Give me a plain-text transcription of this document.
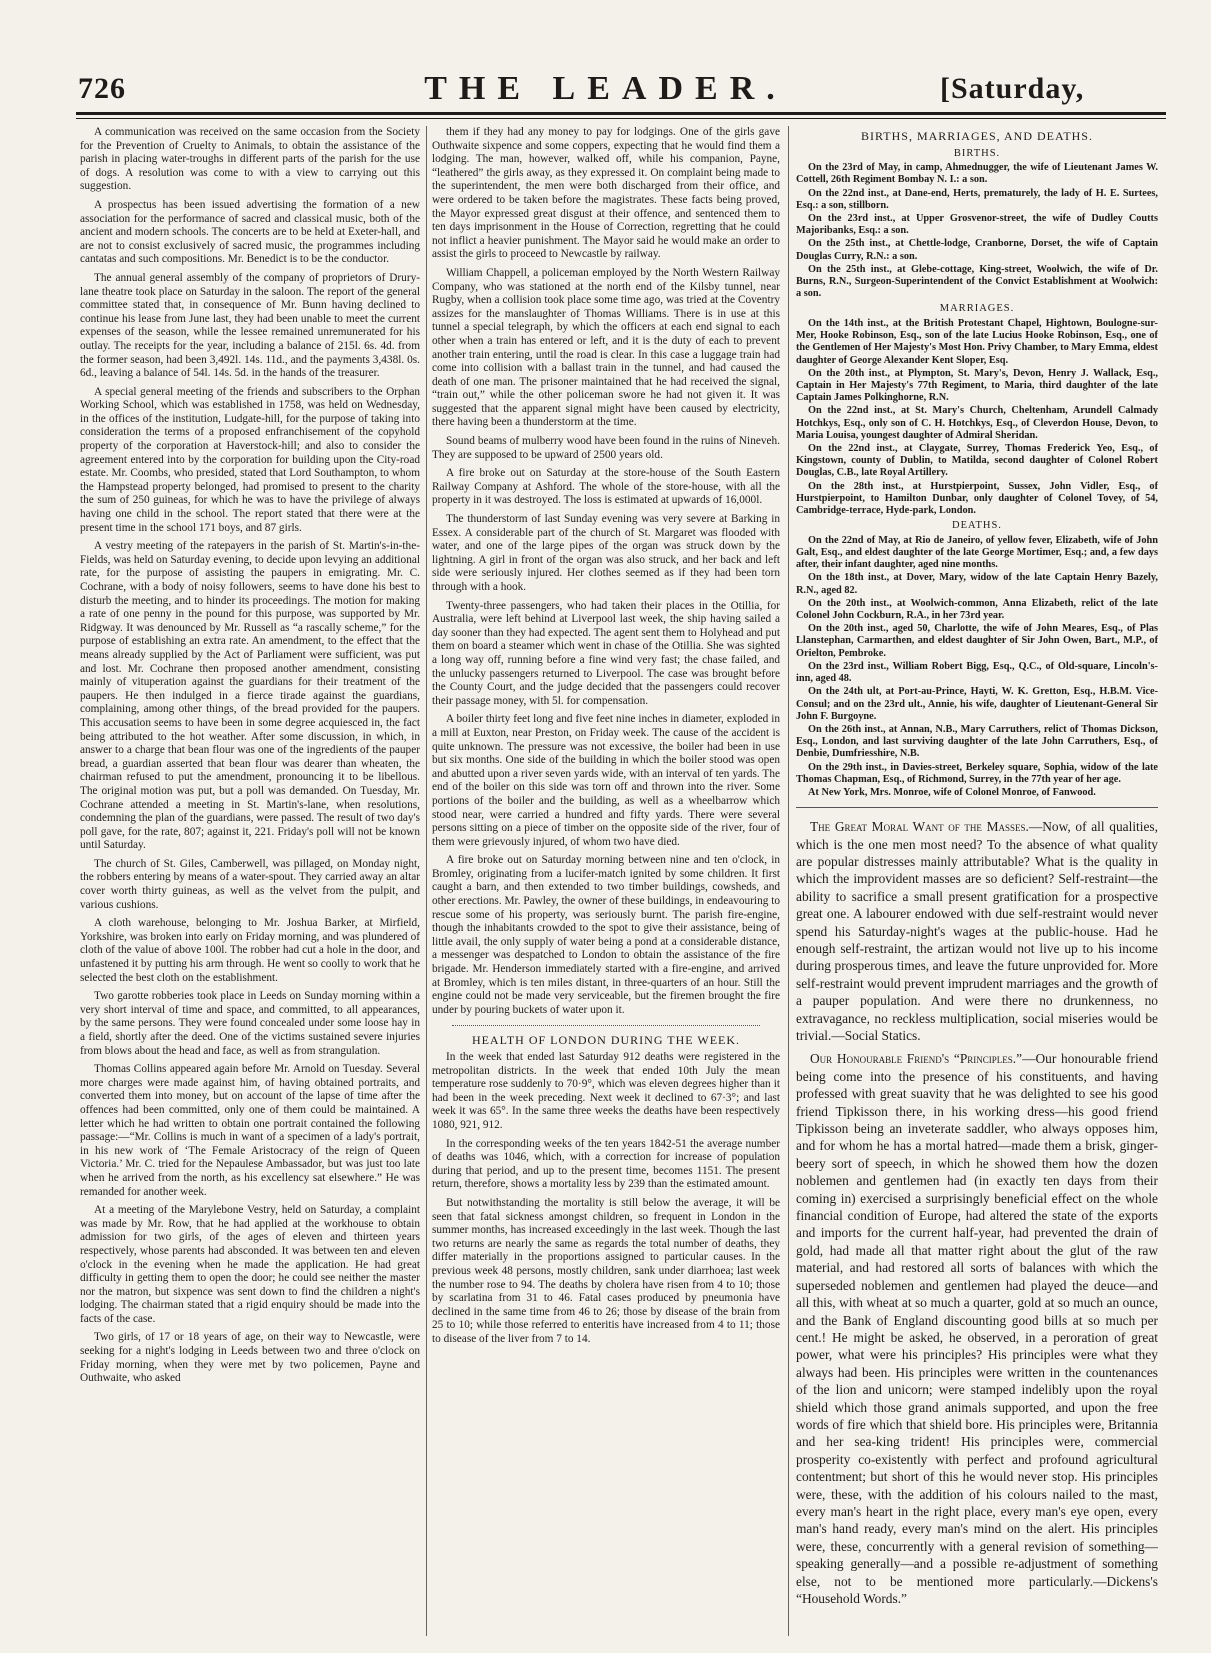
726	THE LEADER.	[Saturday,

A communication was received on the same occasion from the Society for the Prevention of Cruelty to Animals, to obtain the assistance of the parish in placing water-troughs in different parts of the parish for the use of dogs. A resolution was come to with a view to carrying out this suggestion.

A prospectus has been issued advertising the formation of a new association for the performance of sacred and classical music, both of the ancient and modern schools. The concerts are to be held at Exeter-hall, and are not to consist exclusively of sacred music, the programmes including cantatas and such compositions. Mr. Benedict is to be the conductor.

The annual general assembly of the company of proprietors of Drury-lane theatre took place on Saturday in the saloon. The report of the general committee stated that, in consequence of Mr. Bunn having declined to continue his lease from June last, they had been unable to meet the current expenses of the season, while the lessee remained unremunerated for his outlay. The receipts for the year, including a balance of 215l. 6s. 4d. from the former season, had been 3,492l. 14s. 11d., and the payments 3,438l. 0s. 6d., leaving a balance of 54l. 14s. 5d. in the hands of the treasurer.

A special general meeting of the friends and subscribers to the Orphan Working School, which was established in 1758, was held on Wednesday, in the offices of the institution, Ludgate-hill, for the purpose of taking into consideration the terms of a proposed enfranchisement of the copyhold property of the corporation at Haverstock-hill; and also to consider the agreement entered into by the corporation for building upon the City-road estate. Mr. Coombs, who presided, stated that Lord Southampton, to whom the Hampstead property belonged, had promised to present to the charity the sum of 250 guineas, for which he was to have the privilege of always having one child in the school. The report stated that there were at the present time in the school 171 boys, and 87 girls.

A vestry meeting of the ratepayers in the parish of St. Martin's-in-the-Fields, was held on Saturday evening, to decide upon levying an additional rate, for the purpose of assisting the paupers in emigrating. Mr. C. Cochrane, with a body of noisy followers, seems to have done his best to disturb the meeting, and to hinder its proceedings. The motion for making a rate of one penny in the pound for this purpose, was supported by Mr. Ridgway. It was denounced by Mr. Russell as “a rascally scheme,” for the purpose of establishing an extra rate. An amendment, to the effect that the means already supplied by the Act of Parliament were sufficient, was put and lost. Mr. Cochrane then proposed another amendment, consisting mainly of vituperation against the guardians for their treatment of the paupers. He then indulged in a fierce tirade against the guardians, complaining, among other things, of the bread provided for the paupers. This accusation seems to have been in some degree acquiesced in, the fact being attributed to the hot weather. After some discussion, in which, in answer to a charge that bean flour was one of the ingredients of the pauper bread, a guardian asserted that bean flour was dearer than wheaten, the chairman refused to put the amendment, pronouncing it to be libellous. The original motion was put, but a poll was demanded. On Tuesday, Mr. Cochrane attended a meeting in St. Martin's-lane, when resolutions, condemning the plan of the guardians, were passed. The result of two day's poll gave, for the rate, 807; against it, 221. Friday's poll will not be known until Saturday.

The church of St. Giles, Camberwell, was pillaged, on Monday night, the robbers entering by means of a water-spout. They carried away an altar cover worth thirty guineas, as well as the velvet from the pulpit, and various cushions.

A cloth warehouse, belonging to Mr. Joshua Barker, at Mirfield, Yorkshire, was broken into early on Friday morning, and was plundered of cloth of the value of above 100l. The robber had cut a hole in the door, and unfastened it by putting his arm through. He went so coolly to work that he selected the best cloth on the establishment.

Two garotte robberies took place in Leeds on Sunday morning within a very short interval of time and space, and committed, to all appearances, by the same persons. They were found concealed under some loose hay in a field, shortly after the deed. One of the victims sustained severe injuries from blows about the head and face, as well as from strangulation.

Thomas Collins appeared again before Mr. Arnold on Tuesday. Several more charges were made against him, of having obtained portraits, and converted them into money, but on account of the lapse of time after the offences had been committed, only one of them could be maintained. A letter which he had written to obtain one portrait contained the following passage:—“Mr. Collins is much in want of a specimen of a lady's portrait, in his new work of ‘The Female Aristocracy of the reign of Queen Victoria.’ Mr. C. tried for the Nepaulese Ambassador, but was just too late when he arrived from the north, as his excellency sat elsewhere.” He was remanded for another week.

At a meeting of the Marylebone Vestry, held on Saturday, a complaint was made by Mr. Row, that he had applied at the workhouse to obtain admission for two girls, of the ages of eleven and thirteen years respectively, whose parents had absconded. It was between ten and eleven o'clock in the evening when he made the application. He had great difficulty in getting them to open the door; he could see neither the master nor the matron, but sixpence was sent down to find the children a night's lodging. The chairman stated that a rigid enquiry should be made into the facts of the case.

Two girls, of 17 or 18 years of age, on their way to Newcastle, were seeking for a night's lodging in Leeds between two and three o'clock on Friday morning, when they were met by two policemen, Payne and Outhwaite, who asked

them if they had any money to pay for lodgings. One of the girls gave Outhwaite sixpence and some coppers, expecting that he would find them a lodging. The man, however, walked off, while his companion, Payne, “leathered” the girls away, as they expressed it. On complaint being made to the superintendent, the men were both discharged from their office, and were ordered to be taken before the magistrates. These facts being proved, the Mayor expressed great disgust at their offence, and sentenced them to ten days imprisonment in the House of Correction, regretting that he could not inflict a heavier punishment. The Mayor said he would make an order to assist the girls to proceed to Newcastle by railway.

William Chappell, a policeman employed by the North Western Railway Company, who was stationed at the north end of the Kilsby tunnel, near Rugby, when a collision took place some time ago, was tried at the Coventry assizes for the manslaughter of Thomas Williams. There is in use at this tunnel a special telegraph, by which the officers at each end signal to each other when a train has entered or left, and it is the duty of each to prevent another train entering, until the road is clear. In this case a luggage train had come into collision with a ballast train in the tunnel, and had caused the death of one man. The prisoner maintained that he had received the signal, “train out,” while the other policeman swore he had not given it. It was suggested that the apparent signal might have been caused by electricity, there having been a thunderstorm at the time.

Sound beams of mulberry wood have been found in the ruins of Nineveh. They are supposed to be upward of 2500 years old.

A fire broke out on Saturday at the store-house of the South Eastern Railway Company at Ashford. The whole of the store-house, with all the property in it was destroyed. The loss is estimated at upwards of 16,000l.

The thunderstorm of last Sunday evening was very severe at Barking in Essex. A considerable part of the church of St. Margaret was flooded with water, and one of the large pipes of the organ was struck down by the lightning. A girl in front of the organ was also struck, and her back and left side were seriously injured. Her clothes seemed as if they had been torn through with a hook.

Twenty-three passengers, who had taken their places in the Otillia, for Australia, were left behind at Liverpool last week, the ship having sailed a day sooner than they had expected. The agent sent them to Holyhead and put them on board a steamer which went in chase of the Otillia. She was sighted a long way off, running before a fine wind very fast; the chase failed, and the unlucky passengers returned to Liverpool. The case was brought before the County Court, and the judge decided that the passengers could recover their passage money, with 5l. for compensation.

A boiler thirty feet long and five feet nine inches in diameter, exploded in a mill at Euxton, near Preston, on Friday week. The cause of the accident is quite unknown. The pressure was not excessive, the boiler had been in use but six months. One side of the building in which the boiler stood was open and abutted upon a river seven yards wide, with an interval of ten yards. The end of the boiler on this side was torn off and thrown into the river. Some portions of the boiler and the building, as well as a wheelbarrow which stood near, were carried a hundred and fifty yards. There were several persons sitting on a piece of timber on the opposite side of the river, four of them were grievously injured, of whom two have died.

A fire broke out on Saturday morning between nine and ten o'clock, in Bromley, originating from a lucifer-match ignited by some children. It first caught a barn, and then extended to two timber buildings, cowsheds, and other erections. Mr. Pawley, the owner of these buildings, in endeavouring to rescue some of his property, was seriously burnt. The parish fire-engine, though the inhabitants crowded to the spot to give their assistance, being of little avail, the only supply of water being a pond at a considerable distance, a messenger was despatched to London to obtain the assistance of the fire brigade. Mr. Henderson immediately started with a fire-engine, and arrived at Bromley, which is ten miles distant, in three-quarters of an hour. Still the engine could not be made very serviceable, but the firemen brought the fire under by pouring buckets of water upon it.

HEALTH OF LONDON DURING THE WEEK.

In the week that ended last Saturday 912 deaths were registered in the metropolitan districts. In the week that ended 10th July the mean temperature rose suddenly to 70·9°, which was eleven degrees higher than it had been in the week preceding. Next week it declined to 67·3°; and last week it was 65°. In the same three weeks the deaths have been respectively 1080, 921, 912.

In the corresponding weeks of the ten years 1842-51 the average number of deaths was 1046, which, with a correction for increase of population during that period, and up to the present time, becomes 1151. The present return, therefore, shows a mortality less by 239 than the estimated amount.

But notwithstanding the mortality is still below the average, it will be seen that fatal sickness amongst children, so frequent in London in the summer months, has increased exceedingly in the last week. Though the last two returns are nearly the same as regards the total number of deaths, they differ materially in the proportions assigned to particular causes. In the previous week 48 persons, mostly children, sank under diarrhoea; last week the number rose to 94. The deaths by cholera have risen from 4 to 10; those by scarlatina from 31 to 46. Fatal cases produced by pneumonia have declined in the same time from 46 to 26; those by disease of the brain from 25 to 10; while those referred to enteritis have increased from 4 to 11; those to disease of the liver from 7 to 14.

BIRTHS, MARRIAGES, AND DEATHS.
BIRTHS.

On the 23rd of May, in camp, Ahmednugger, the wife of Lieutenant James W. Cottell, 26th Regiment Bombay N. I.: a son.

On the 22nd inst., at Dane-end, Herts, prematurely, the lady of H. E. Surtees, Esq.: a son, stillborn.

On the 23rd inst., at Upper Grosvenor-street, the wife of Dudley Coutts Majoribanks, Esq.: a son.

On the 25th inst., at Chettle-lodge, Cranborne, Dorset, the wife of Captain Douglas Curry, R.N.: a son.

On the 25th inst., at Glebe-cottage, King-street, Woolwich, the wife of Dr. Burns, R.N., Surgeon-Superintendent of the Convict Establishment at Woolwich: a son.

MARRIAGES.

On the 14th inst., at the British Protestant Chapel, Hightown, Boulogne-sur-Mer, Hooke Robinson, Esq., son of the late Lucius Hooke Robinson, Esq., one of the Gentlemen of Her Majesty's Most Hon. Privy Chamber, to Mary Emma, eldest daughter of George Alexander Kent Sloper, Esq.

On the 20th inst., at Plympton, St. Mary's, Devon, Henry J. Wallack, Esq., Captain in Her Majesty's 77th Regiment, to Maria, third daughter of the late Captain James Polkinghorne, R.N.

On the 22nd inst., at St. Mary's Church, Cheltenham, Arundell Calmady Hotchkys, Esq., only son of C. H. Hotchkys, Esq., of Cleverdon House, Devon, to Maria Louisa, youngest daughter of Admiral Sheridan.

On the 22nd inst., at Claygate, Surrey, Thomas Frederick Yeo, Esq., of Kingstown, county of Dublin, to Matilda, second daughter of Colonel Robert Douglas, C.B., late Royal Artillery.

On the 28th inst., at Hurstpierpoint, Sussex, John Vidler, Esq., of Hurstpierpoint, to Hamilton Dunbar, only daughter of Colonel Tovey, of 54, Cambridge-terrace, Hyde-park, London.

DEATHS.

On the 22nd of May, at Rio de Janeiro, of yellow fever, Elizabeth, wife of John Galt, Esq., and eldest daughter of the late George Mortimer, Esq.; and, a few days after, their infant daughter, aged nine months.

On the 18th inst., at Dover, Mary, widow of the late Captain Henry Bazely, R.N., aged 82.

On the 20th inst., at Woolwich-common, Anna Elizabeth, relict of the late Colonel John Cockburn, R.A., in her 73rd year.

On the 20th inst., aged 50, Charlotte, the wife of John Meares, Esq., of Plas Llanstephan, Carmarthen, and eldest daughter of Sir John Owen, Bart., M.P., of Orielton, Pembroke.

On the 23rd inst., William Robert Bigg, Esq., Q.C., of Old-square, Lincoln's-inn, aged 48.

On the 24th ult, at Port-au-Prince, Hayti, W. K. Gretton, Esq., H.B.M. Vice-Consul; and on the 23rd ult., Annie, his wife, daughter of Lieutenant-General Sir John F. Burgoyne.

On the 26th inst., at Annan, N.B., Mary Carruthers, relict of Thomas Dickson, Esq., London, and last surviving daughter of the late John Carruthers, Esq., of Denbie, Dumfriesshire, N.B.

On the 29th inst., in Davies-street, Berkeley square, Sophia, widow of the late Thomas Chapman, Esq., of Richmond, Surrey, in the 77th year of her age.

At New York, Mrs. Monroe, wife of Colonel Monroe, of Fanwood.

The Great Moral Want of the Masses.—Now, of all qualities, which is the one men most need? To the absence of what quality are popular distresses mainly attributable? What is the quality in which the improvident masses are so deficient? Self-restraint—the ability to sacrifice a small present gratification for a prospective great one. A labourer endowed with due self-restraint would never spend his Saturday-night's wages at the public-house. Had he enough self-restraint, the artizan would not live up to his income during prosperous times, and leave the future unprovided for. More self-restraint would prevent imprudent marriages and the growth of a pauper population. And were there no drunkenness, no extravagance, no reckless multiplication, social miseries would be trivial.—Social Statics.

Our Honourable Friend's “Principles.”—Our honourable friend being come into the presence of his constituents, and having professed with great suavity that he was delighted to see his good friend Tipkisson there, in his working dress—his good friend Tipkisson being an inveterate saddler, who always opposes him, and for whom he has a mortal hatred—made them a brisk, ginger-beery sort of speech, in which he showed them how the dozen noblemen and gentlemen had (in exactly ten days from their coming in) exercised a surprisingly beneficial effect on the whole financial condition of Europe, had altered the state of the exports and imports for the current half-year, had prevented the drain of gold, had made all that matter right about the glut of the raw material, and had restored all sorts of balances with which the superseded noblemen and gentlemen had played the deuce—and all this, with wheat at so much a quarter, gold at so much an ounce, and the Bank of England discounting good bills at so much per cent.! He might be asked, he observed, in a peroration of great power, what were his principles? His principles were what they always had been. His principles were written in the countenances of the lion and unicorn; were stamped indelibly upon the royal shield which those grand animals supported, and upon the free words of fire which that shield bore. His principles were, Britannia and her sea-king trident! His principles were, commercial prosperity co-existently with perfect and profound agricultural contentment; but short of this he would never stop. His principles were, these, with the addition of his colours nailed to the mast, every man's heart in the right place, every man's eye open, every man's hand ready, every man's mind on the alert. His principles were, these, concurrently with a general revision of something—speaking generally—and a possible re-adjustment of something else, not to be mentioned more particularly.—Dickens's “Household Words.”
